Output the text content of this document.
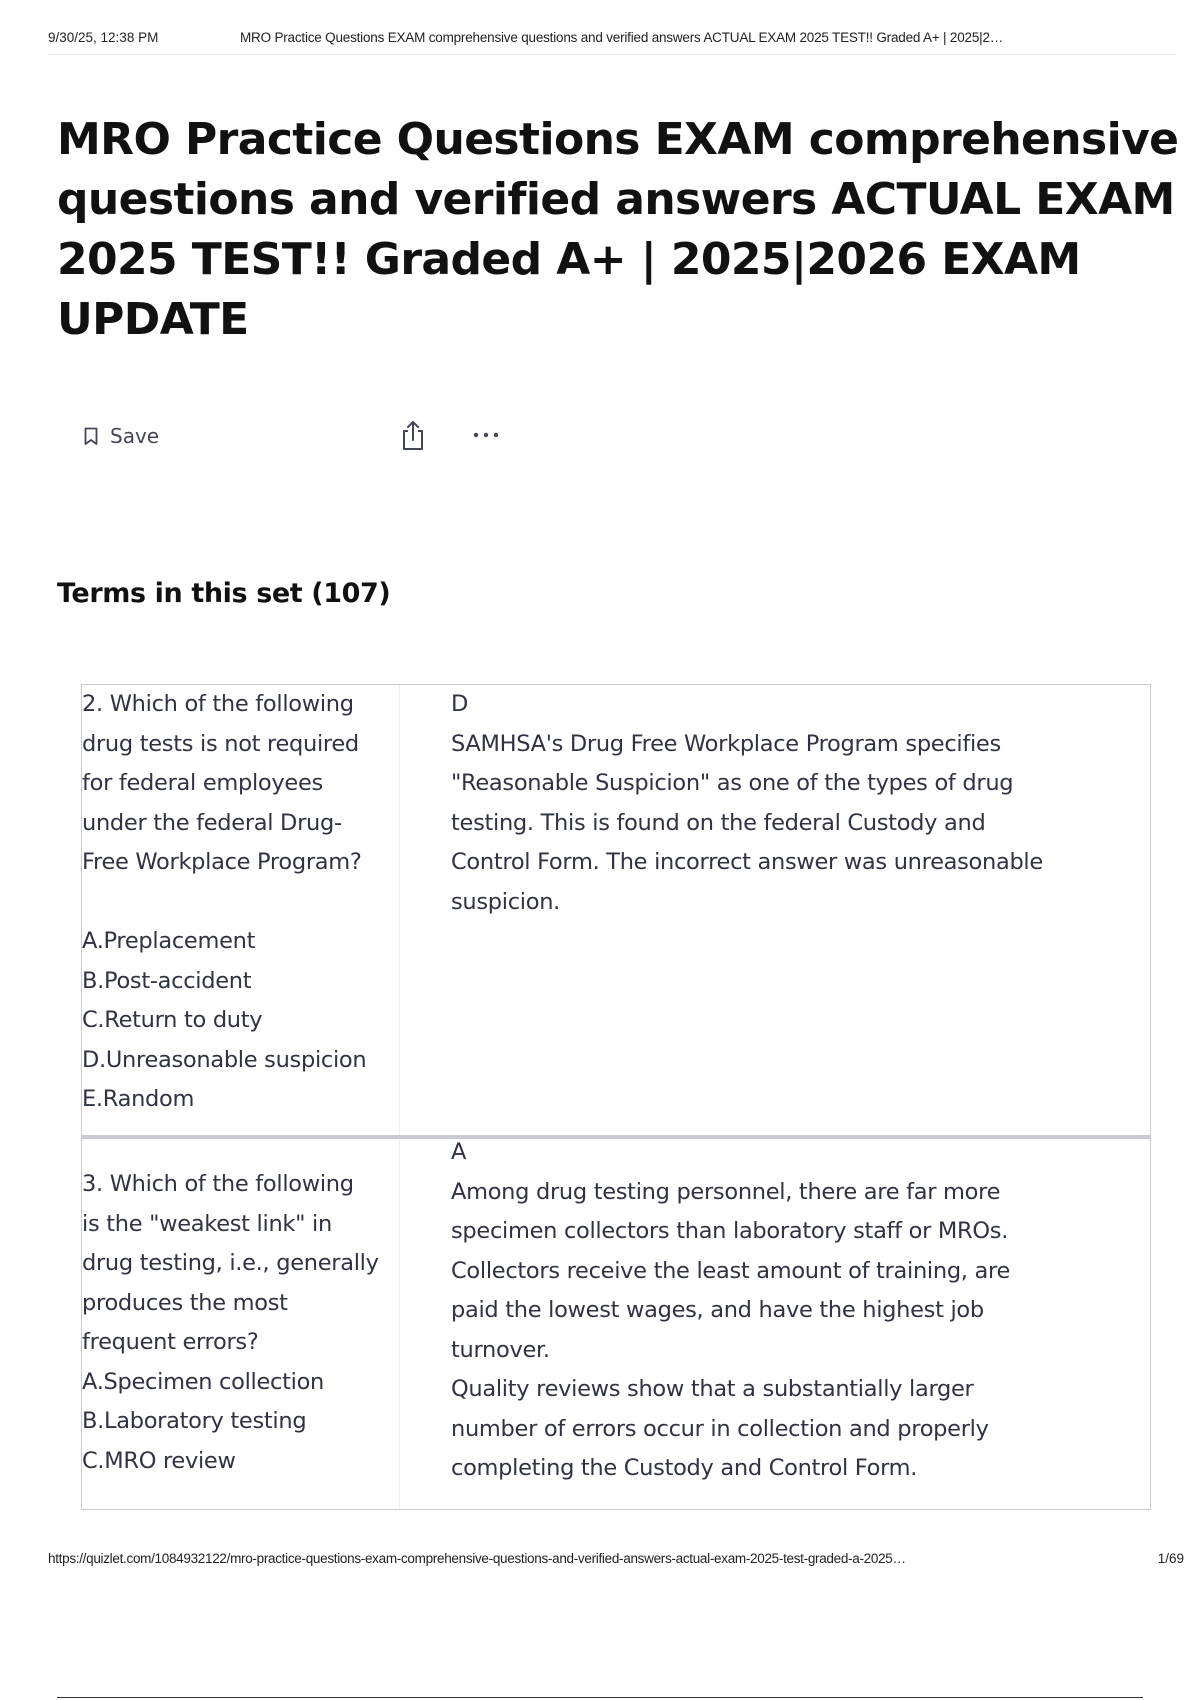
9/30/25, 12:38 PM	MRO Practice Questions EXAM comprehensive questions and verified answers ACTUAL EXAM 2025 TEST!! Graded A+ | 2025|2…
MRO Practice Questions EXAM comprehensive
questions and verified answers ACTUAL EXAM
2025 TEST!! Graded A+ | 2025|2026 EXAM
UPDATE
Save
Terms in this set (107)
2. Which of the following
drug tests is not required
for federal employees
under the federal Drug-
Free Workplace Program?
A.Preplacement
B.Post-accident
C.Return to duty
D.Unreasonable suspicion
E.Random
D
SAMHSA's Drug Free Workplace Program specifies
"Reasonable Suspicion" as one of the types of drug
testing. This is found on the federal Custody and
Control Form. The incorrect answer was unreasonable
suspicion.
3. Which of the following
is the "weakest link" in
drug testing, i.e., generally
produces the most
frequent errors?
A.Specimen collection
B.Laboratory testing
C.MRO review
A
Among drug testing personnel, there are far more
specimen collectors than laboratory staff or MROs.
Collectors receive the least amount of training, are
paid the lowest wages, and have the highest job
turnover.
Quality reviews show that a substantially larger
number of errors occur in collection and properly
completing the Custody and Control Form.
https://quizlet.com/1084932122/mro-practice-questions-exam-comprehensive-questions-and-verified-answers-actual-exam-2025-test-graded-a-2025…	1/69
